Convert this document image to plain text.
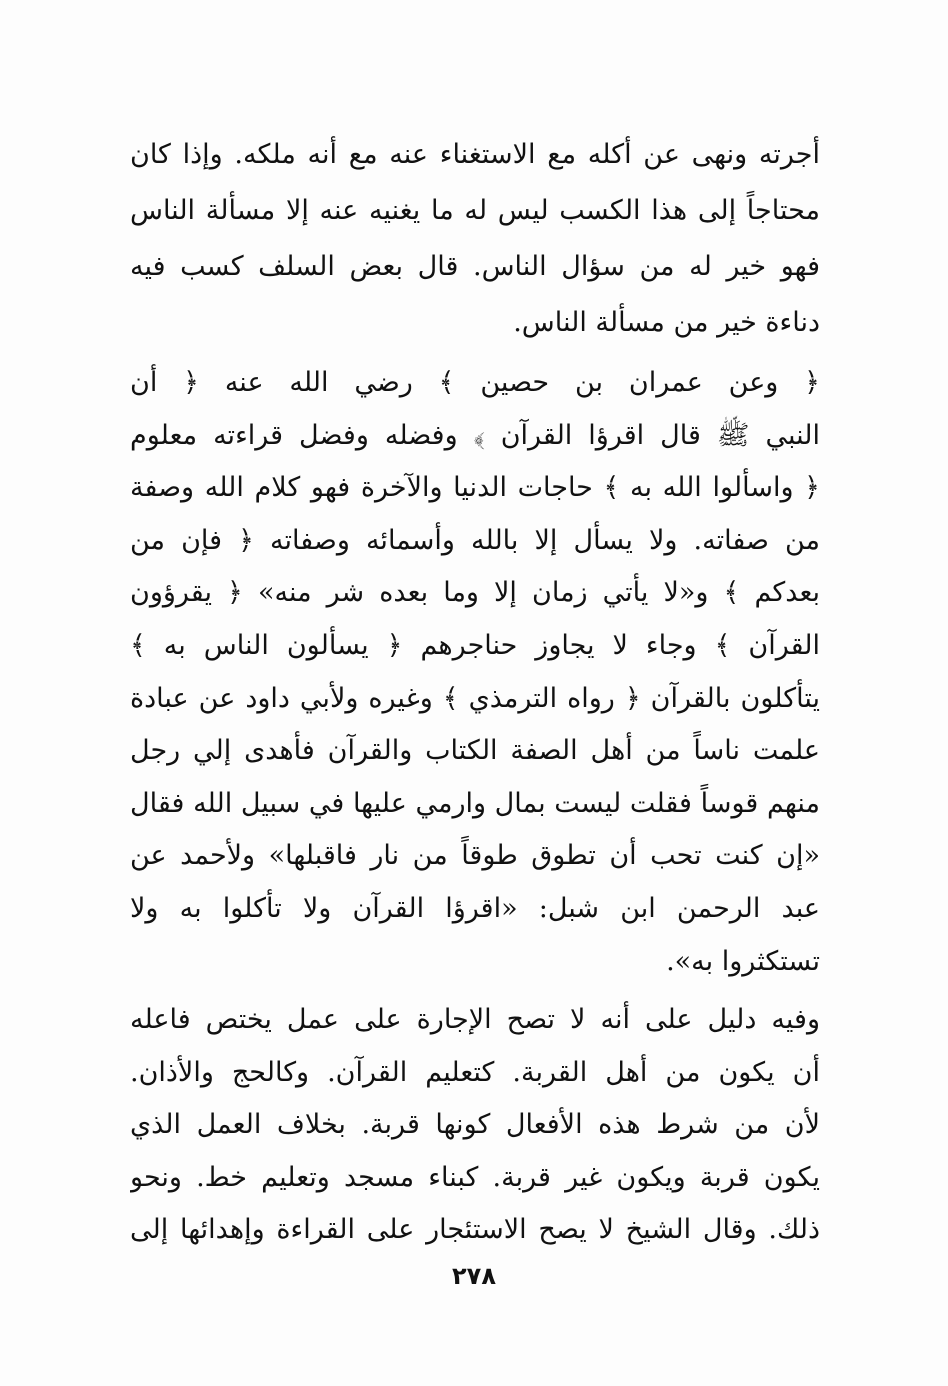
أجرته ونهى عن أكله مع الاستغناء عنه مع أنه ملكه. وإذا كان
محتاجاً إلى هذا الكسب ليس له ما يغنيه عنه إلا مسألة الناس
فهو خير له من سؤال الناس. قال بعض السلف كسب فيه
دناءة خير من مسألة الناس.
﴿ وعن عمران بن حصين ﴾ رضي الله عنه ﴿ أن
النبي ﷺ قال اقرؤا القرآن ﴾ وفضله وفضل قراءته معلوم
﴿ واسألوا الله به ﴾ حاجات الدنيا والآخرة فهو كلام الله وصفة
من صفاته. ولا يسأل إلا بالله وأسمائه وصفاته ﴿ فإن من
بعدكم ﴾ و«لا يأتي زمان إلا وما بعده شر منه» ﴿ يقرؤون
القرآن ﴾ وجاء لا يجاوز حناجرهم ﴿ يسألون الناس به ﴾
يتأكلون بالقرآن ﴿ رواه الترمذي ﴾ وغيره ولأبي داود عن عبادة
علمت ناساً من أهل الصفة الكتاب والقرآن فأهدى إلي رجل
منهم قوساً فقلت ليست بمال وارمي عليها في سبيل الله فقال
«إن كنت تحب أن تطوق طوقاً من نار فاقبلها» ولأحمد عن
عبد الرحمن ابن شبل: «اقرؤا القرآن ولا تأكلوا به ولا
تستكثروا به».
وفيه دليل على أنه لا تصح الإجارة على عمل يختص فاعله
أن يكون من أهل القربة. كتعليم القرآن. وكالحج والأذان.
لأن من شرط هذه الأفعال كونها قربة. بخلاف العمل الذي
يكون قربة ويكون غير قربة. كبناء مسجد وتعليم خط. ونحو
ذلك. وقال الشيخ لا يصح الاستئجار على القراءة وإهدائها إلى
٢٧٨
